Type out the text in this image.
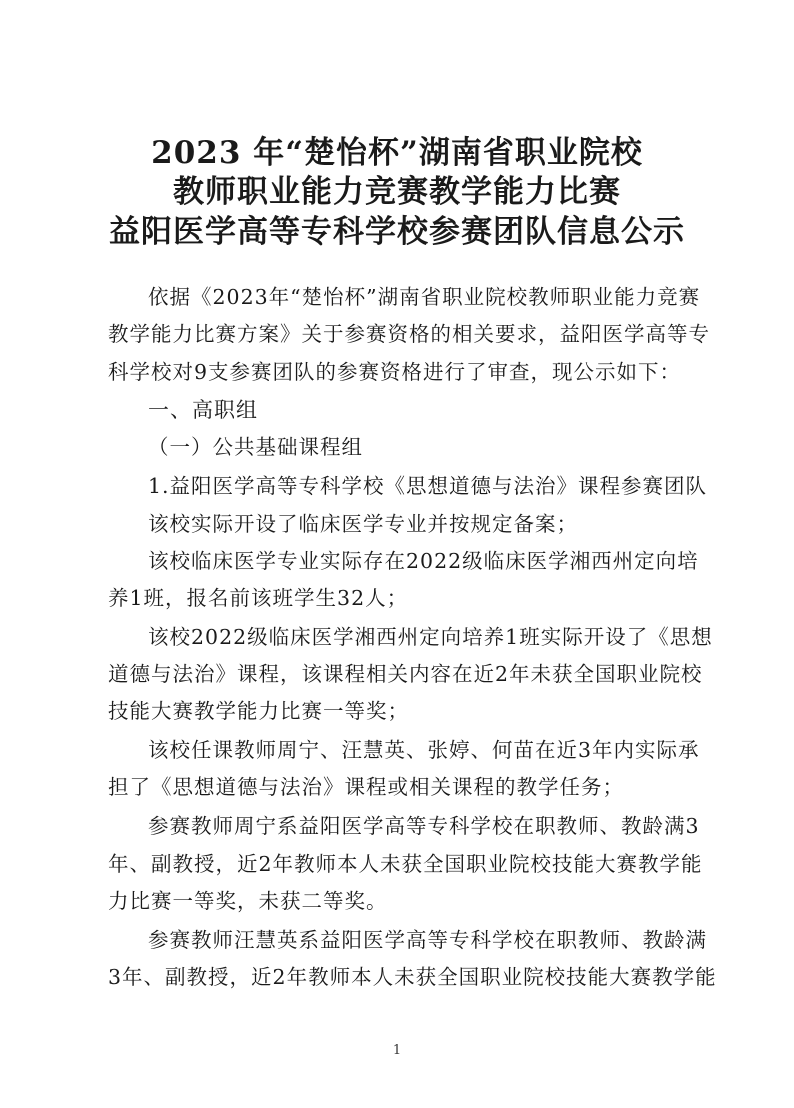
2023 年“楚怡杯”湖南省职业院校
教师职业能力竞赛教学能力比赛
益阳医学高等专科学校参赛团队信息公示
依据《2023年“楚怡杯”湖南省职业院校教师职业能力竞赛
教学能力比赛方案》关于参赛资格的相关要求，益阳医学高等专
科学校对9支参赛团队的参赛资格进行了审查，现公示如下：
一、高职组
（一）公共基础课程组
1.益阳医学高等专科学校《思想道德与法治》课程参赛团队
该校实际开设了临床医学专业并按规定备案；
该校临床医学专业实际存在2022级临床医学湘西州定向培
养1班，报名前该班学生32人；
该校2022级临床医学湘西州定向培养1班实际开设了《思想
道德与法治》课程，该课程相关内容在近2年未获全国职业院校
技能大赛教学能力比赛一等奖；
该校任课教师周宁、汪慧英、张婷、何苗在近3年内实际承
担了《思想道德与法治》课程或相关课程的教学任务；
参赛教师周宁系益阳医学高等专科学校在职教师、教龄满3
年、副教授，近2年教师本人未获全国职业院校技能大赛教学能
力比赛一等奖，未获二等奖。
参赛教师汪慧英系益阳医学高等专科学校在职教师、教龄满
3年、副教授，近2年教师本人未获全国职业院校技能大赛教学能
1
